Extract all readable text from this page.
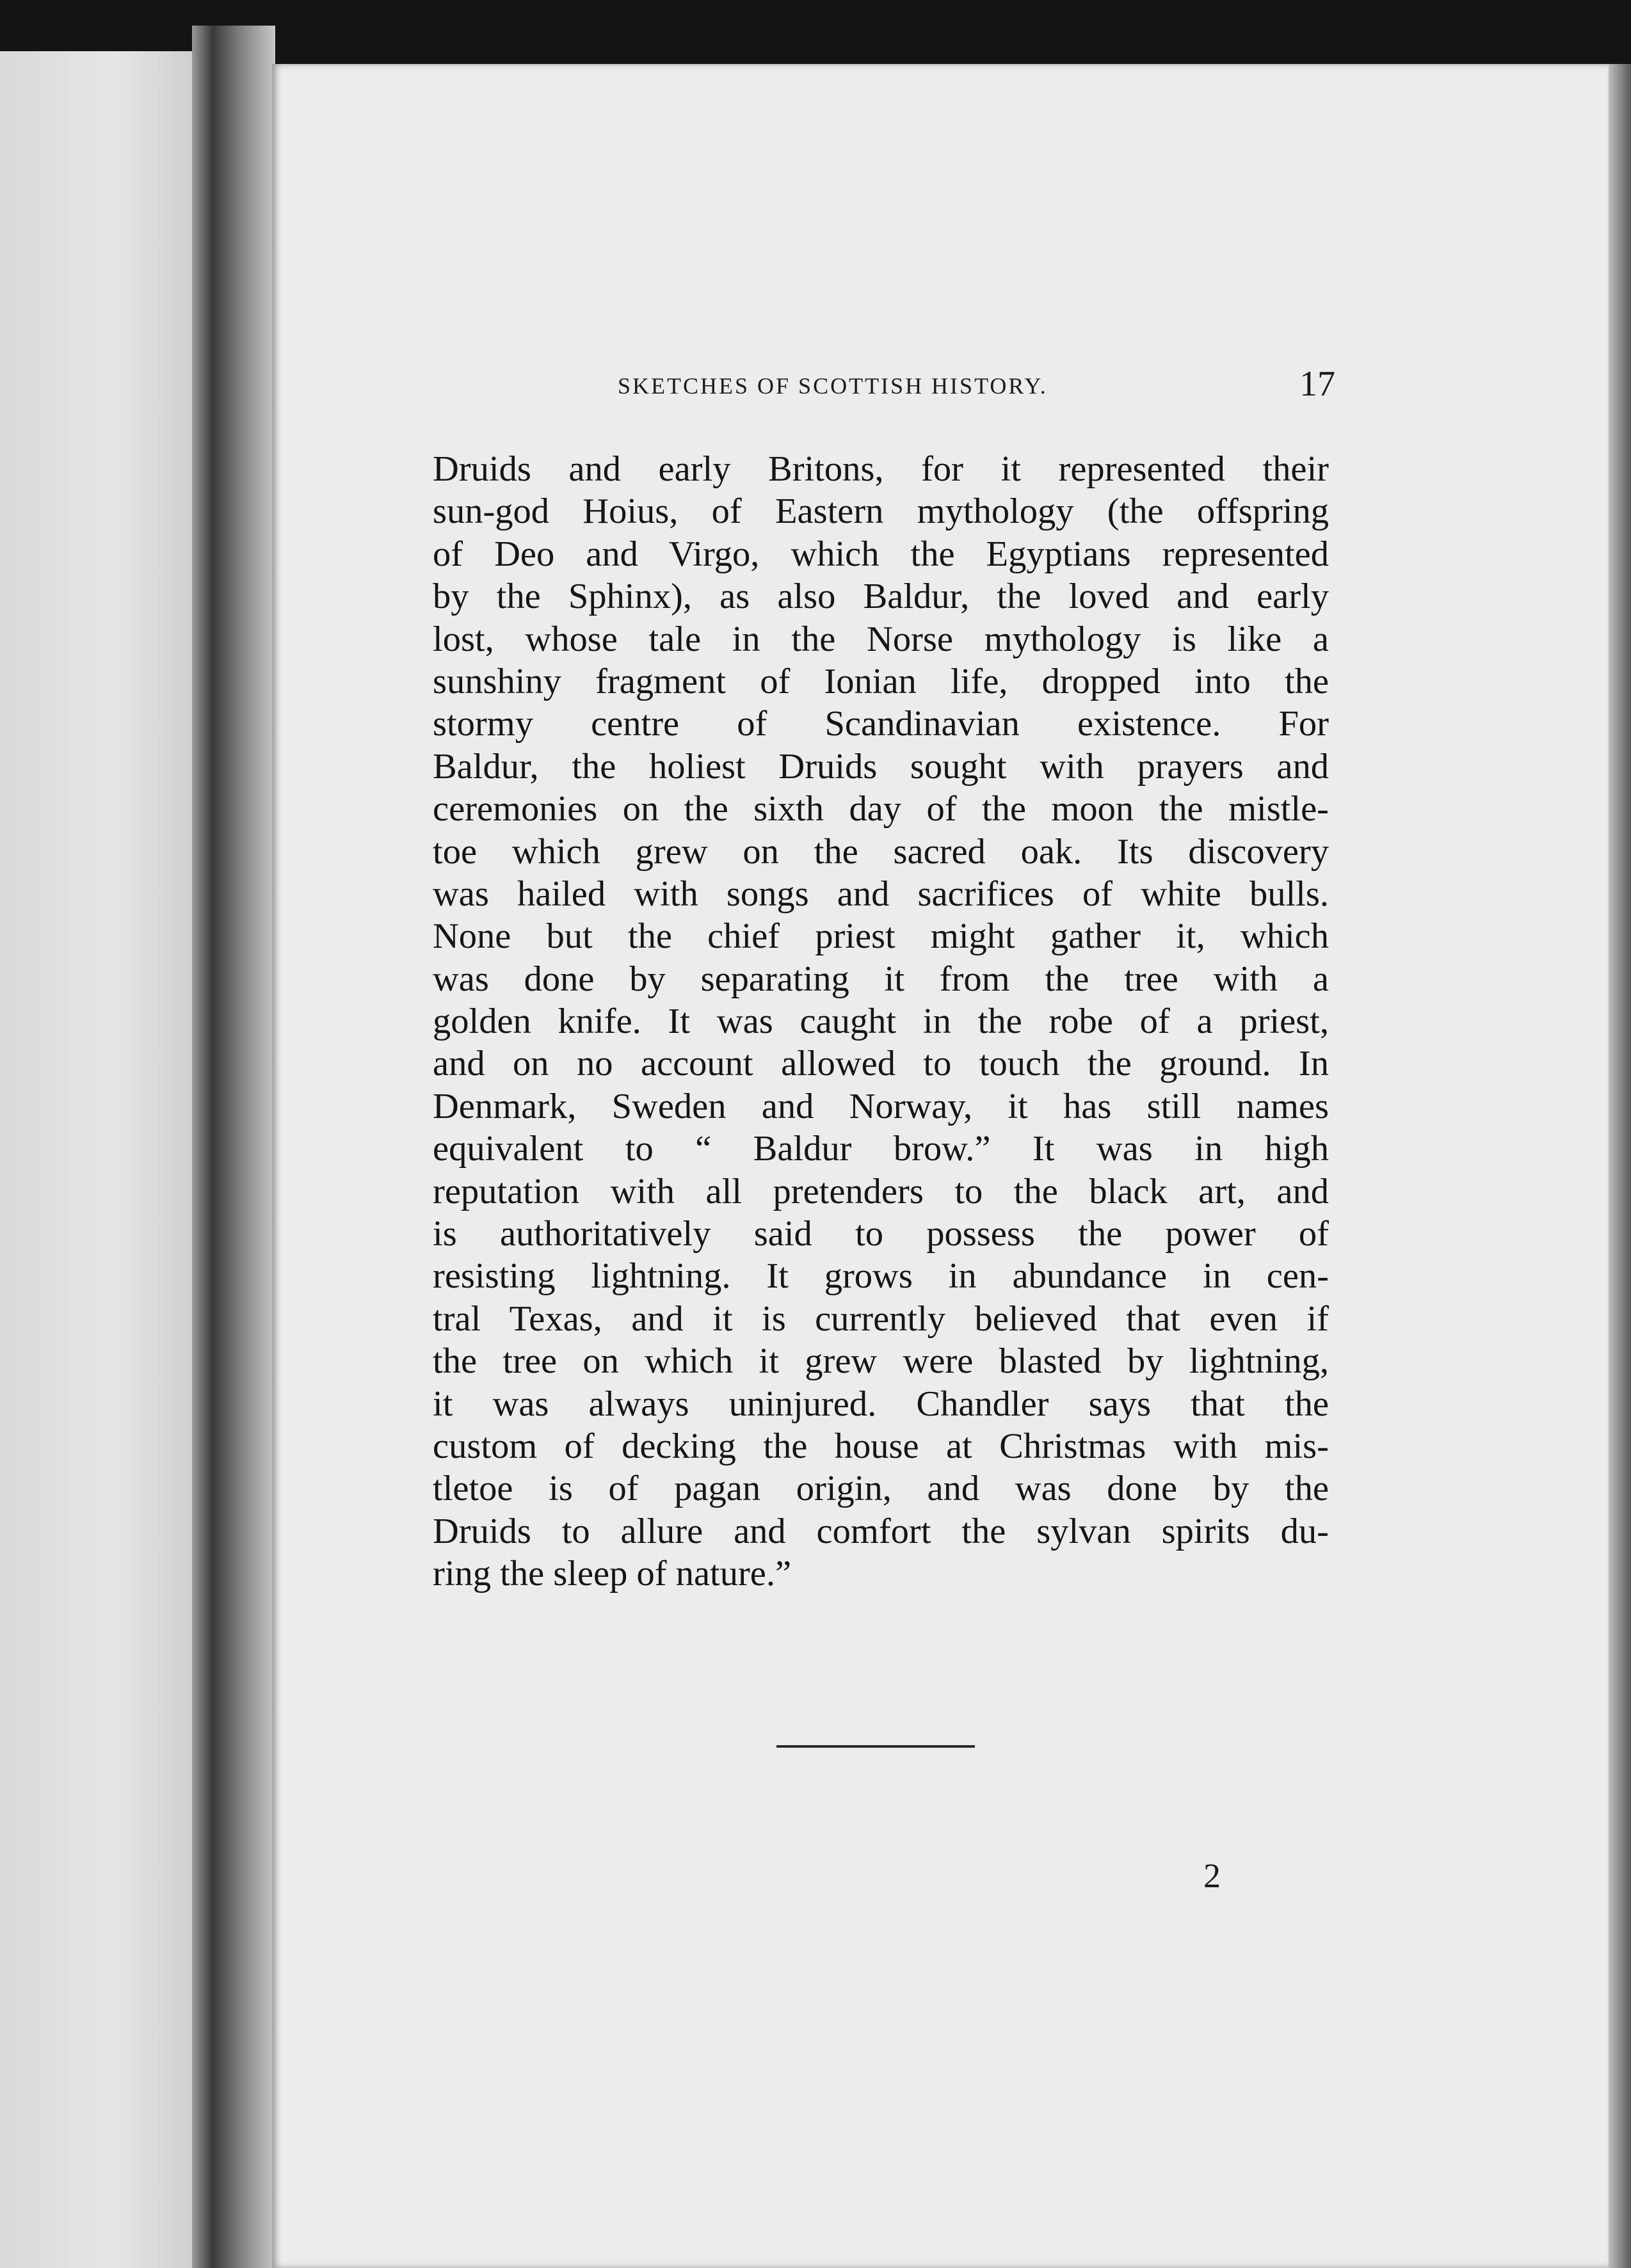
SKETCHES OF SCOTTISH HISTORY.	17
Druids and early Britons, for it represented their
sun-god Hoius, of Eastern mythology (the offspring
of Deo and Virgo, which the Egyptians represented
by the Sphinx), as also Baldur, the loved and early
lost, whose tale in the Norse mythology is like a
sunshiny fragment of Ionian life, dropped into the
stormy centre of Scandinavian existence. For
Baldur, the holiest Druids sought with prayers and
ceremonies on the sixth day of the moon the mistle-
toe which grew on the sacred oak. Its discovery
was hailed with songs and sacrifices of white bulls.
None but the chief priest might gather it, which
was done by separating it from the tree with a
golden knife. It was caught in the robe of a priest,
and on no account allowed to touch the ground. In
Denmark, Sweden and Norway, it has still names
equivalent to “ Baldur brow.” It was in high
reputation with all pretenders to the black art, and
is authoritatively said to possess the power of
resisting lightning. It grows in abundance in cen-
tral Texas, and it is currently believed that even if
the tree on which it grew were blasted by lightning,
it was always uninjured. Chandler says that the
custom of decking the house at Christmas with mis-
tletoe is of pagan origin, and was done by the
Druids to allure and comfort the sylvan spirits du-
ring the sleep of nature.”
2
